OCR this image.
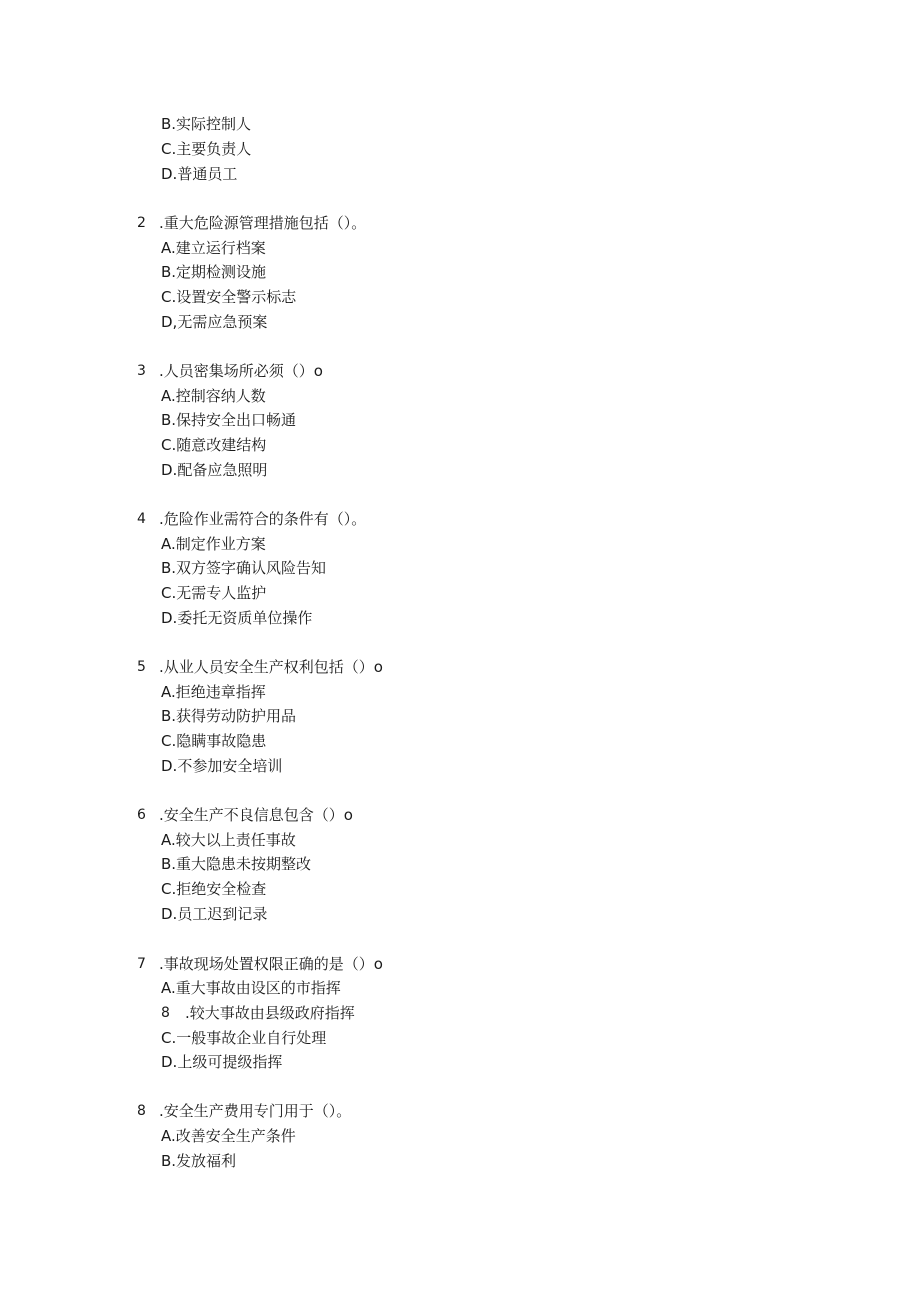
B.实际控制人
C.主要负责人
D.普通员工
2 .重大危险源管理措施包括（）。
A.建立运行档案
B.定期检测设施
C.设置安全警示标志
D,无需应急预案
3 .人员密集场所必须（）o
A.控制容纳人数
B.保持安全出口畅通
C.随意改建结构
D.配备应急照明
4 .危险作业需符合的条件有（）。
A.制定作业方案
B.双方签字确认风险告知
C.无需专人监护
D.委托无资质单位操作
5 .从业人员安全生产权利包括（）o
A.拒绝违章指挥
B.获得劳动防护用品
C.隐瞒事故隐患
D.不参加安全培训
6 .安全生产不良信息包含（）o
A.较大以上责任事故
B.重大隐患未按期整改
C.拒绝安全检查
D.员工迟到记录
7 .事故现场处置权限正确的是（）o
A.重大事故由设区的市指挥
8 .较大事故由县级政府指挥
C.一般事故企业自行处理
D.上级可提级指挥
8 .安全生产费用专门用于（）。
A.改善安全生产条件
B.发放福利
